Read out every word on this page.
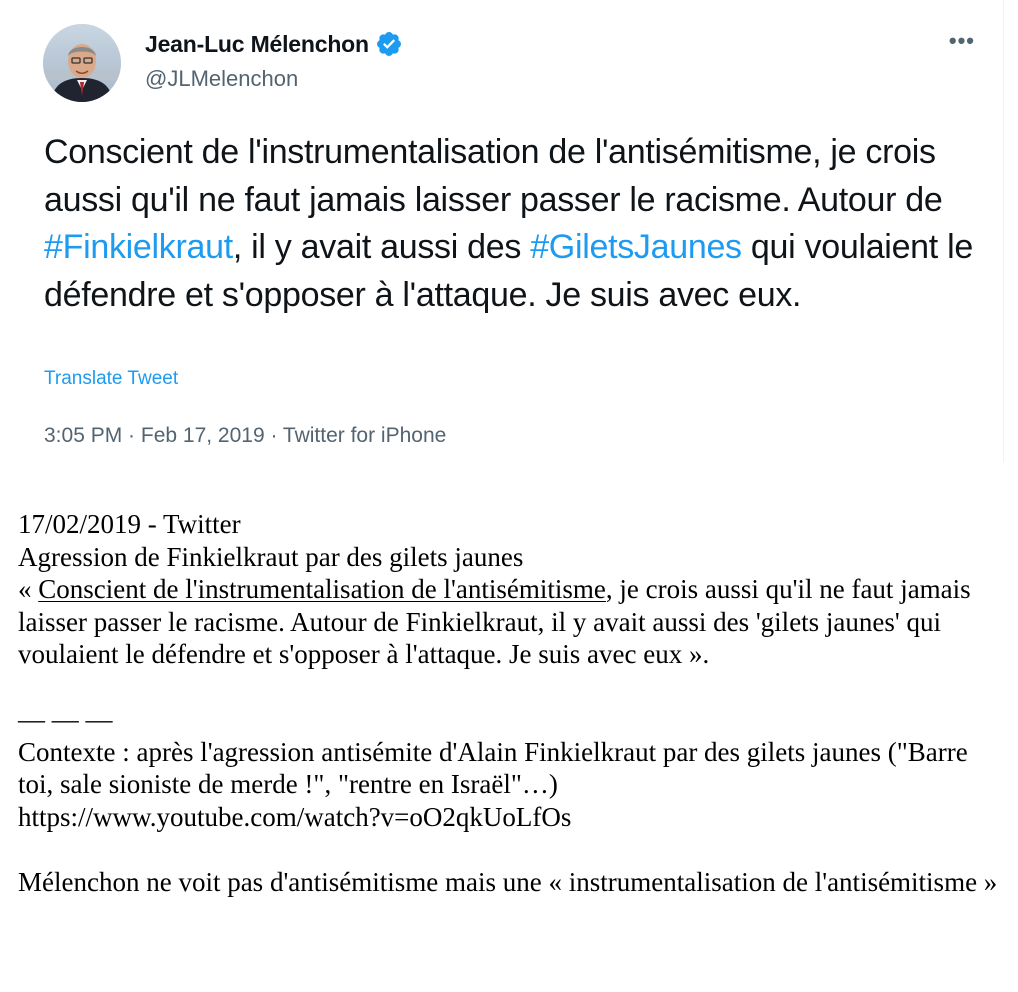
Jean-Luc Mélenchon
@JLMelenchon
•••
Conscient de l'instrumentalisation de l'antisémitisme, je crois aussi qu'il ne faut jamais laisser passer le racisme. Autour de #Finkielkraut, il y avait aussi des #GiletsJaunes qui voulaient le défendre et s'opposer à l'attaque. Je suis avec eux.
Translate Tweet
3:05 PM · Feb 17, 2019 · Twitter for iPhone

17/02/2019 - Twitter

Agression de Finkielkraut par des gilets jaunes

« Conscient de l'instrumentalisation de l'antisémitisme, je crois aussi qu'il ne faut jamais laisser passer le racisme. Autour de Finkielkraut, il y avait aussi des 'gilets jaunes' qui voulaient le défendre et s'opposer à l'attaque. Je suis avec eux ».

— — —

Contexte : après l'agression antisémite d'Alain Finkielkraut par des gilets jaunes ("Barre toi, sale sioniste de merde !", "rentre en Israël"…)

https://www.youtube.com/watch?v=oO2qkUoLfOs

Mélenchon ne voit pas d'antisémitisme mais une « instrumentalisation de l'antisémitisme »
